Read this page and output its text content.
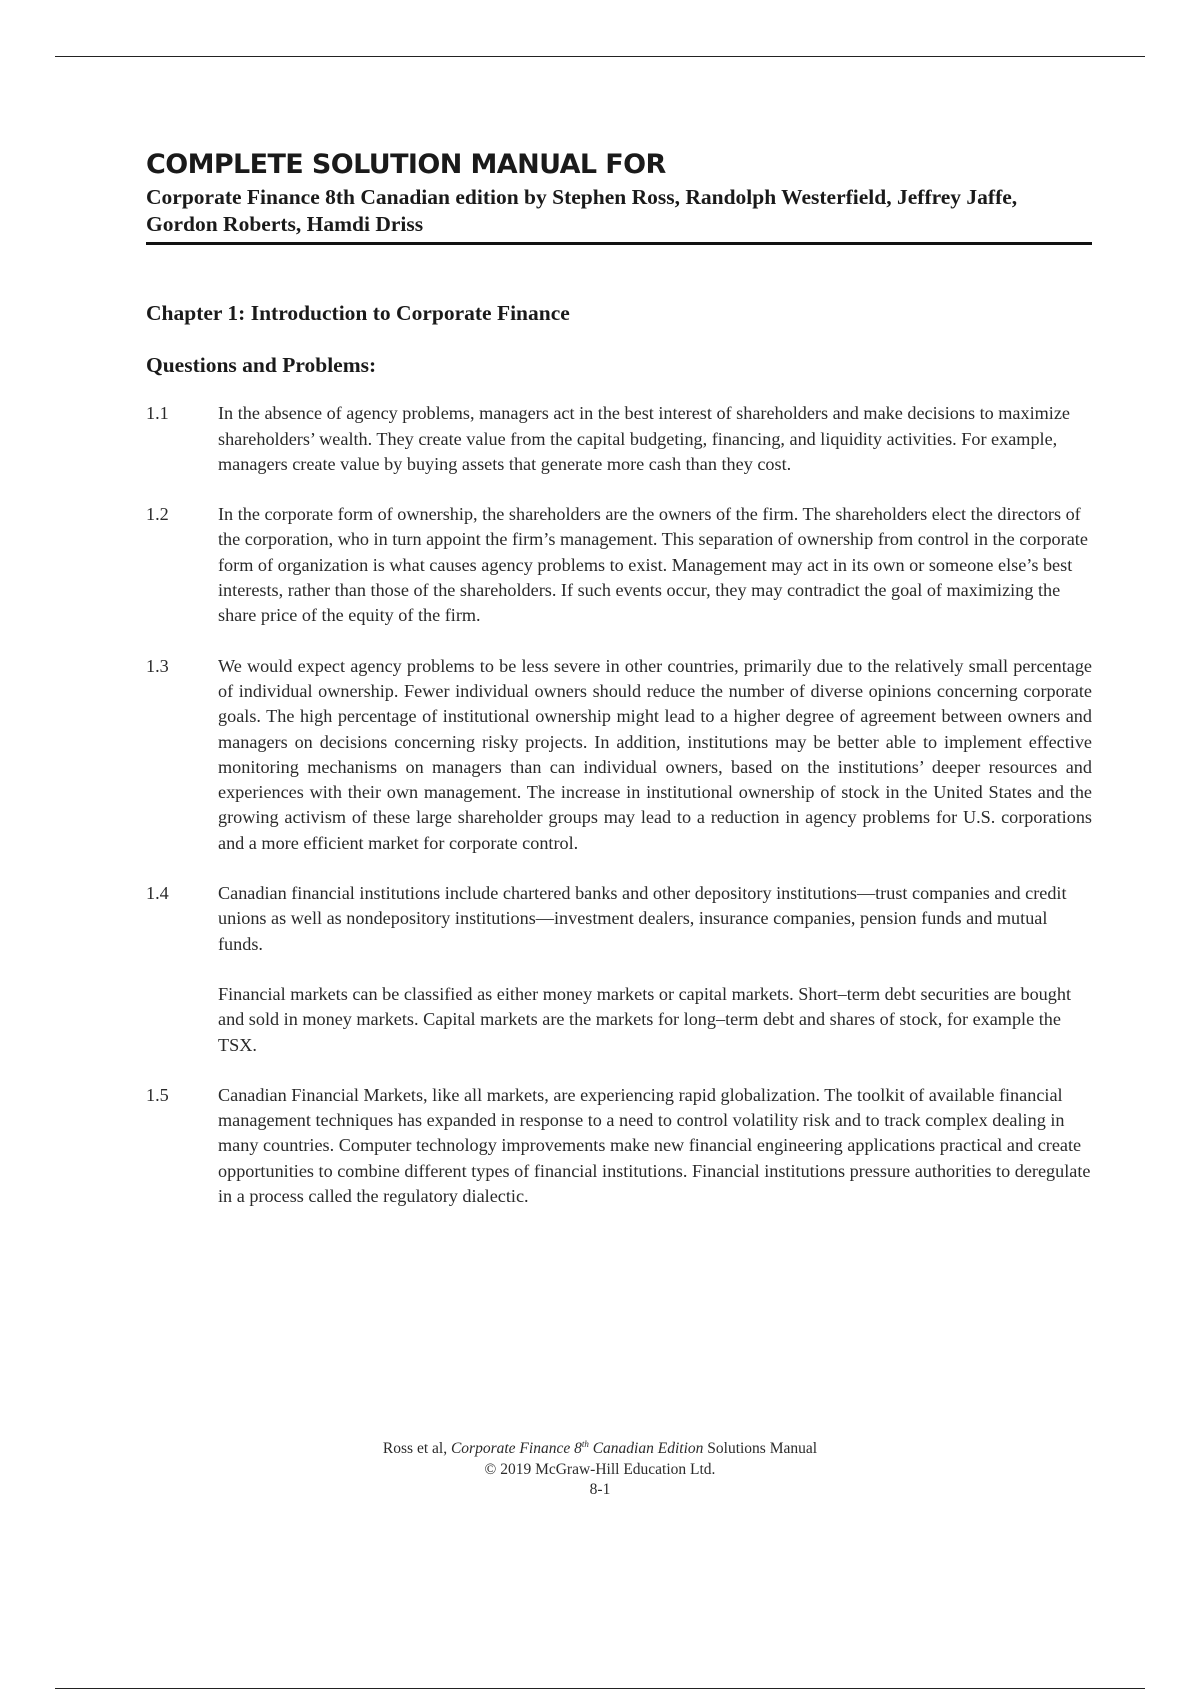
COMPLETE SOLUTION MANUAL FOR
Corporate Finance 8th Canadian edition by Stephen Ross, Randolph Westerfield, Jeffrey Jaffe, Gordon Roberts, Hamdi Driss
Chapter 1: Introduction to Corporate Finance
Questions and Problems:
1.1	In the absence of agency problems, managers act in the best interest of shareholders and make decisions to maximize shareholders’ wealth. They create value from the capital budgeting, financing, and liquidity activities. For example, managers create value by buying assets that generate more cash than they cost.

1.2	In the corporate form of ownership, the shareholders are the owners of the firm. The shareholders elect the directors of the corporation, who in turn appoint the firm’s management. This separation of ownership from control in the corporate form of organization is what causes agency problems to exist. Management may act in its own or someone else’s best interests, rather than those of the shareholders. If such events occur, they may contradict the goal of maximizing the share price of the equity of the firm.

1.3	We would expect agency problems to be less severe in other countries, primarily due to the relatively small percentage of individual ownership. Fewer individual owners should reduce the number of diverse opinions concerning corporate goals. The high percentage of institutional ownership might lead to a higher degree of agreement between owners and managers on decisions concerning risky projects. In addition, institutions may be better able to implement effective monitoring mechanisms on managers than can individual owners, based on the institutions’ deeper resources and experiences with their own management. The increase in institutional ownership of stock in the United States and the growing activism of these large shareholder groups may lead to a reduction in agency problems for U.S. corporations and a more efficient market for corporate control.

1.4	Canadian financial institutions include chartered banks and other depository institutions—trust companies and credit unions as well as nondepository institutions—investment dealers, insurance companies, pension funds and mutual funds.

Financial markets can be classified as either money markets or capital markets. Short–term debt securities are bought and sold in money markets. Capital markets are the markets for long–term debt and shares of stock, for example the TSX.

1.5	Canadian Financial Markets, like all markets, are experiencing rapid globalization. The toolkit of available financial management techniques has expanded in response to a need to control volatility risk and to track complex dealing in many countries. Computer technology improvements make new financial engineering applications practical and create opportunities to combine different types of financial institutions. Financial institutions pressure authorities to deregulate in a process called the regulatory dialectic.

Ross et al, Corporate Finance 8th Canadian Edition Solutions Manual

© 2019 McGraw-Hill Education Ltd.

8-1
